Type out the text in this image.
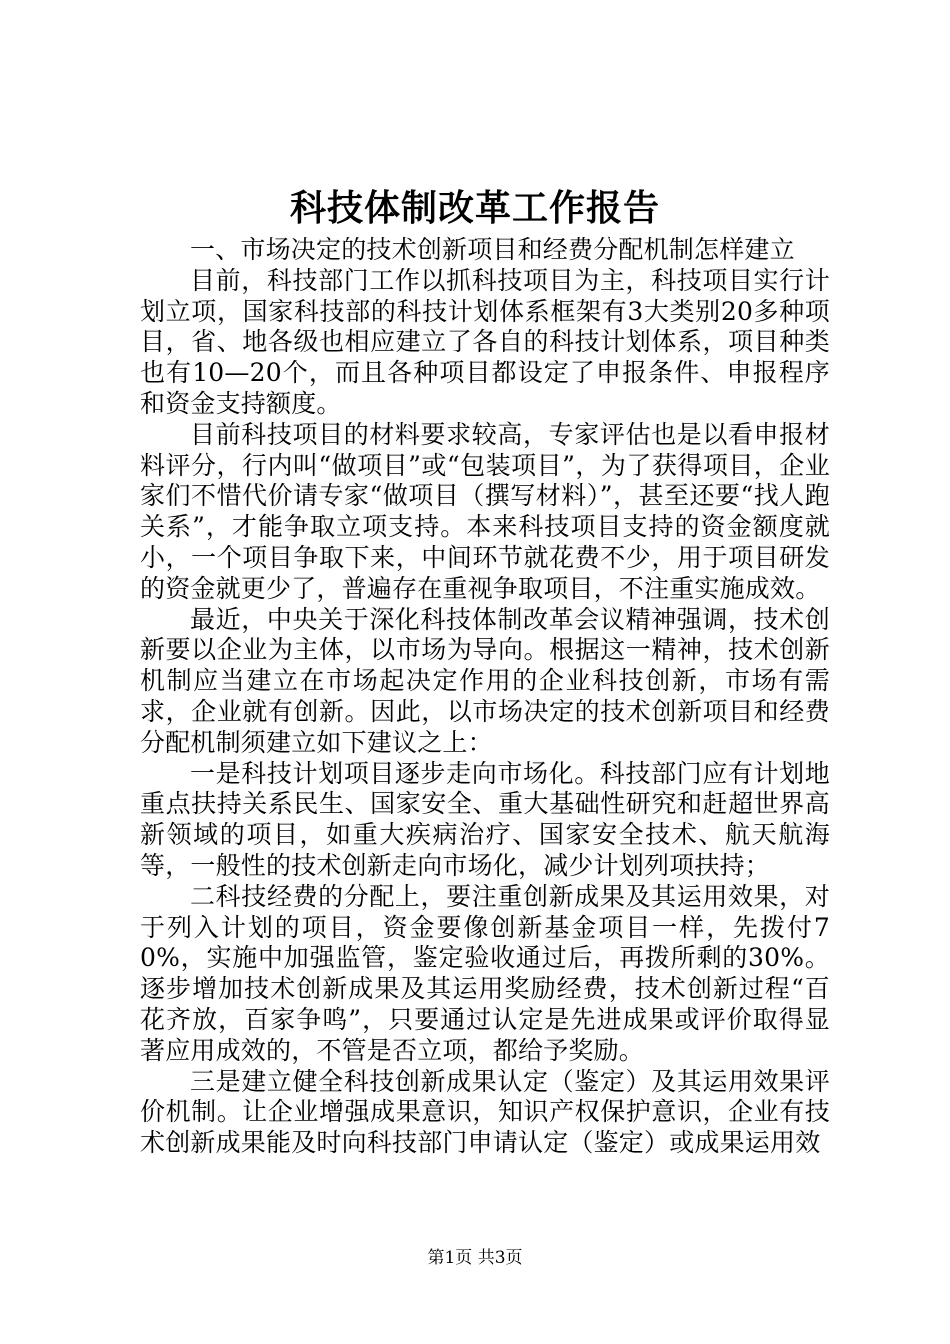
科技体制改革工作报告

一、市场决定的技术创新项目和经费分配机制怎样建立

目前，科技部门工作以抓科技项目为主，科技项目实行计划立项，国家科技部的科技计划体系框架有3大类别20多种项目，省、地各级也相应建立了各自的科技计划体系，项目种类也有10—20个，而且各种项目都设定了申报条件、申报程序和资金支持额度。

目前科技项目的材料要求较高，专家评估也是以看申报材料评分，行内叫“做项目”或“包装项目”，为了获得项目，企业家们不惜代价请专家“做项目（撰写材料）”，甚至还要“找人跑关系”，才能争取立项支持。本来科技项目支持的资金额度就小，一个项目争取下来，中间环节就花费不少，用于项目研发的资金就更少了，普遍存在重视争取项目，不注重实施成效。

最近，中央关于深化科技体制改革会议精神强调，技术创新要以企业为主体，以市场为导向。根据这一精神，技术创新机制应当建立在市场起决定作用的企业科技创新，市场有需求，企业就有创新。因此，以市场决定的技术创新项目和经费分配机制须建立如下建议之上：

一是科技计划项目逐步走向市场化。科技部门应有计划地重点扶持关系民生、国家安全、重大基础性研究和赶超世界高新领域的项目，如重大疾病治疗、国家安全技术、航天航海等，一般性的技术创新走向市场化，减少计划列项扶持；

二科技经费的分配上，要注重创新成果及其运用效果，对于列入计划的项目，资金要像创新基金项目一样，先拨付70%，实施中加强监管，鉴定验收通过后，再拨所剩的30%。逐步增加技术创新成果及其运用奖励经费，技术创新过程“百花齐放，百家争鸣”，只要通过认定是先进成果或评价取得显著应用成效的，不管是否立项，都给予奖励。

三是建立健全科技创新成果认定（鉴定）及其运用效果评价机制。让企业增强成果意识，知识产权保护意识，企业有技术创新成果能及时向科技部门申请认定（鉴定）或成果运用效

第1页 共3页
